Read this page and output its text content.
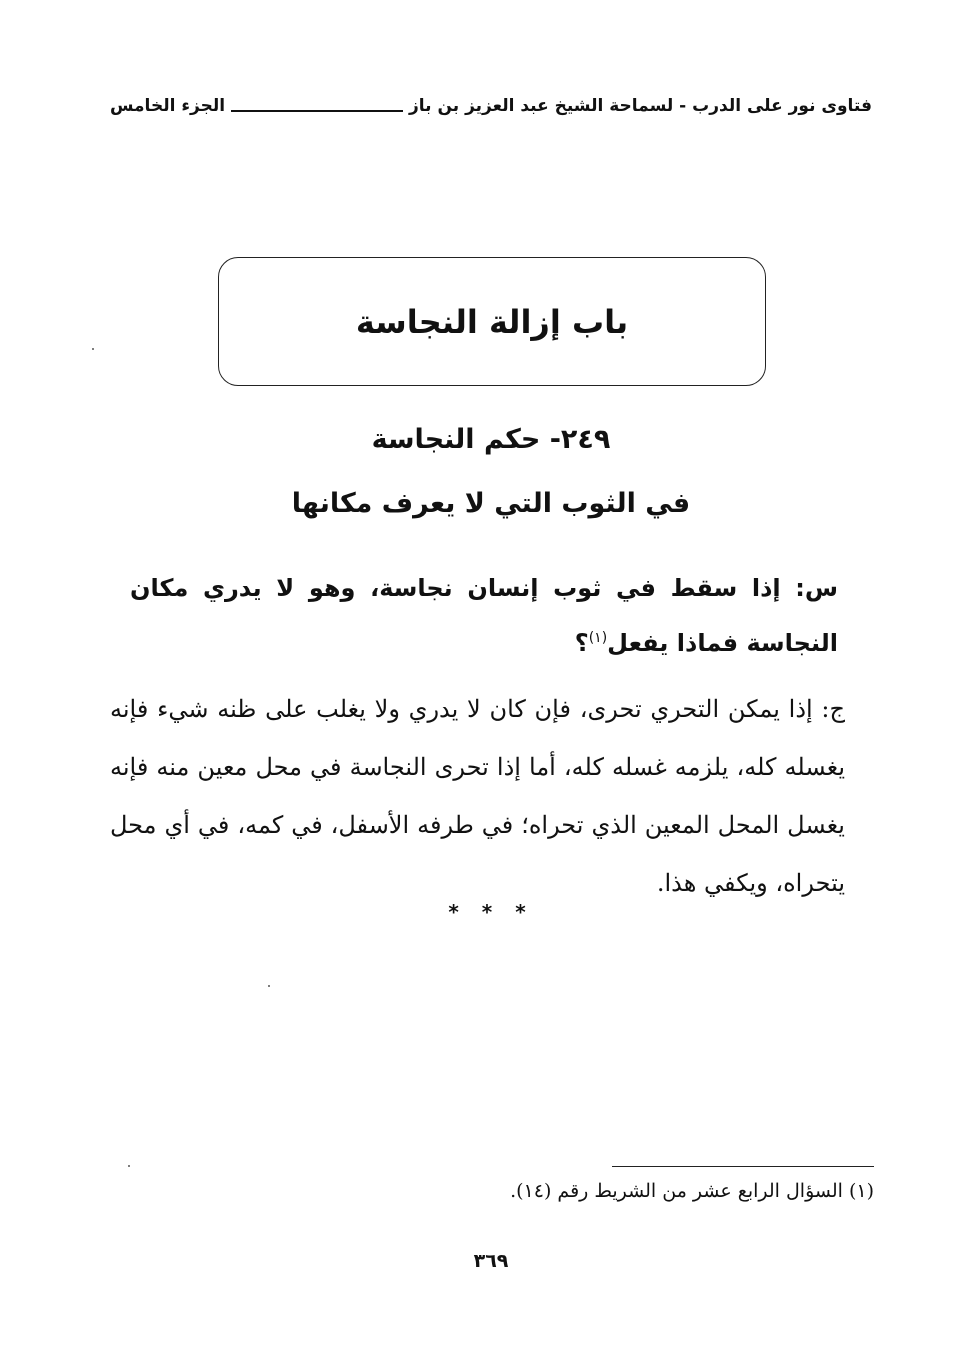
فتاوى نور على الدرب - لسماحة الشيخ عبد العزيز بن باز
الجزء الخامس
باب إزالة النجاسة
٢٤٩- حكم النجاسة
في الثوب التي لا يعرف مكانها
س: إذا سقط في ثوب إنسان نجاسة، وهو لا يدري مكان النجاسة فماذا يفعل$^{(١)}$؟
ج: إذا يمكن التحري تحرى، فإن كان لا يدري ولا يغلب على ظنه شيء فإنه يغسله كله، يلزمه غسله كله، أما إذا تحرى النجاسة في محل معين منه فإنه يغسل المحل المعين الذي تحراه؛ في طرفه الأسفل، في كمه، في أي محل يتحراه، ويكفي هذا.
* * *
(١) السؤال الرابع عشر من الشريط رقم (١٤).
٣٦٩
